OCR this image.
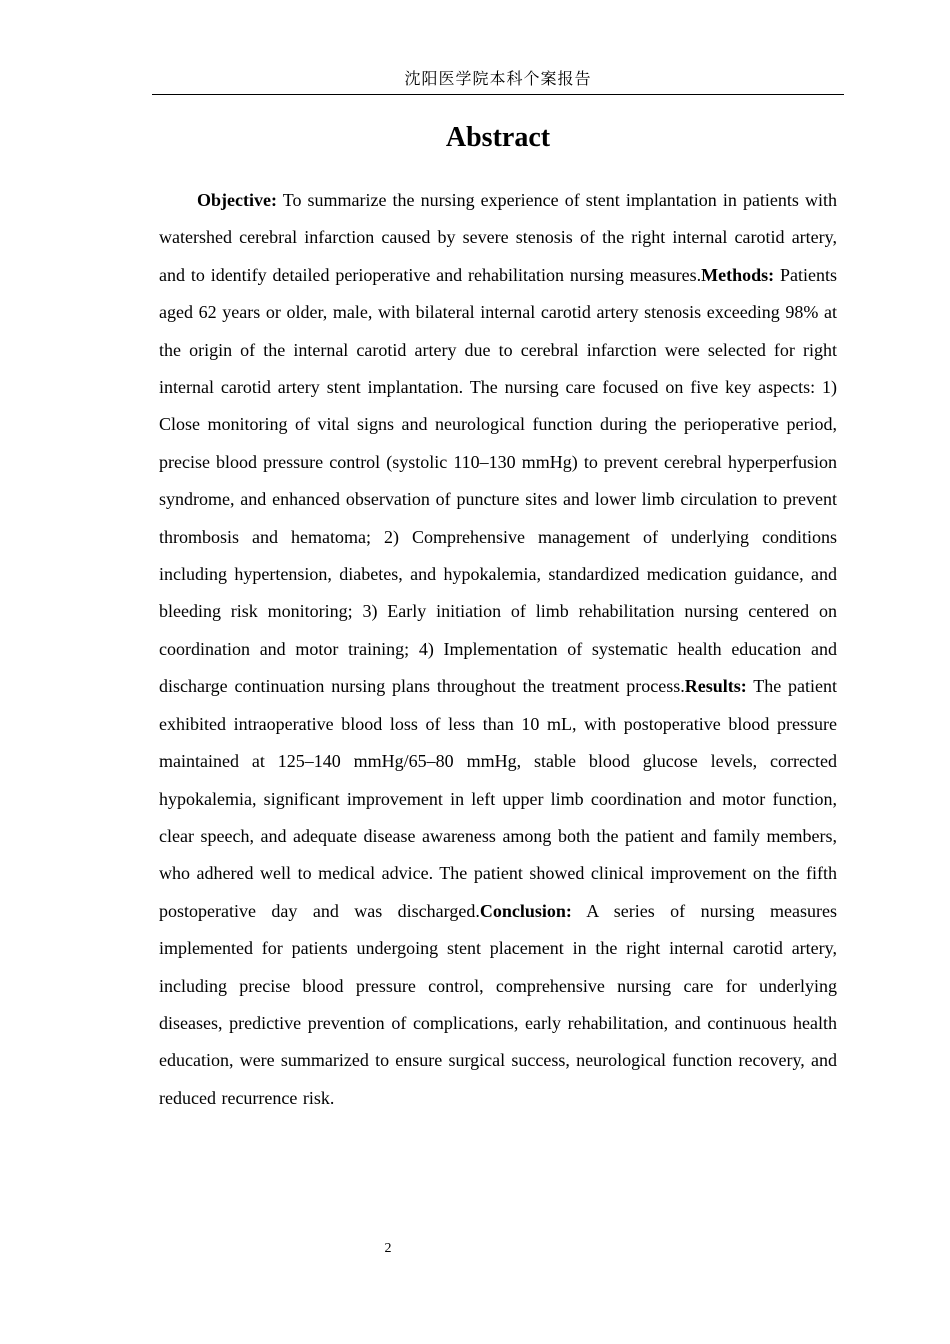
沈阳医学院本科个案报告
Abstract

Objective: To summarize the nursing experience of stent implantation in patients with watershed cerebral infarction caused by severe stenosis of the right internal carotid artery, and to identify detailed perioperative and rehabilitation nursing measures.Methods: Patients aged 62 years or older, male, with bilateral internal carotid artery stenosis exceeding 98% at the origin of the internal carotid artery due to cerebral infarction were selected for right internal carotid artery stent implantation. The nursing care focused on five key aspects: 1) Close monitoring of vital signs and neurological function during the perioperative period, precise blood pressure control (systolic 110–130 mmHg) to prevent cerebral hyperperfusion syndrome, and enhanced observation of puncture sites and lower limb circulation to prevent thrombosis and hematoma; 2) Comprehensive management of underlying conditions including hypertension, diabetes, and hypokalemia, standardized medication guidance, and bleeding risk monitoring; 3) Early initiation of limb rehabilitation nursing centered on coordination and motor training; 4) Implementation of systematic health education and discharge continuation nursing plans throughout the treatment process.Results: The patient exhibited intraoperative blood loss of less than 10 mL, with postoperative blood pressure maintained at 125–140 mmHg/65–80 mmHg, stable blood glucose levels, corrected hypokalemia, significant improvement in left upper limb coordination and motor function, clear speech, and adequate disease awareness among both the patient and family members, who adhered well to medical advice. The patient showed clinical improvement on the fifth postoperative day and was discharged.Conclusion: A series of nursing measures implemented for patients undergoing stent placement in the right internal carotid artery, including precise blood pressure control, comprehensive nursing care for underlying diseases, predictive prevention of complications, early rehabilitation, and continuous health education, were summarized to ensure surgical success, neurological function recovery, and reduced recurrence risk.

2
